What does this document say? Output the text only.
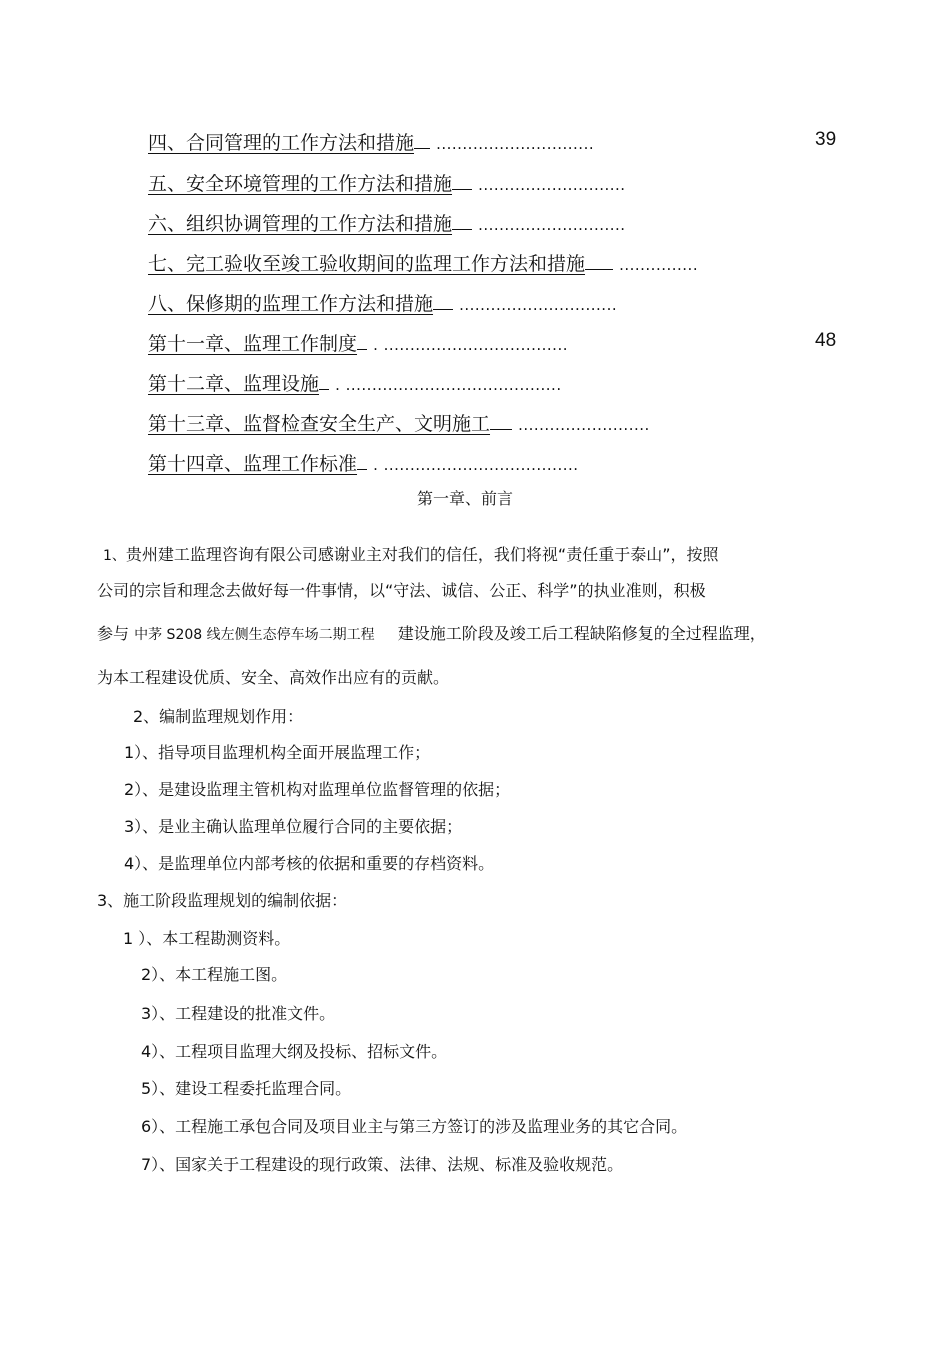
四、合同管理的工作方法和措施 ..............................	39
五、安全环境管理的工作方法和措施 ............................
六、组织协调管理的工作方法和措施 ............................
七、完工验收至竣工验收期间的监理工作方法和措施 ...............
八、保修期的监理工作方法和措施 ..............................
第十一章、监理工作制度 . ...................................	48
第十二章、监理设施 . .........................................
第十三章、监督检查安全生产、文明施工 .........................
第十四章、监理工作标准 . .....................................
第一章、前言
1、贵州建工监理咨询有限公司感谢业主对我们的信任，我们将视“责任重于泰山”，按照
公司的宗旨和理念去做好每一件事情，以“守法、诚信、公正、科学”的执业准则，积极
参与 中茅 S208 线左侧生态停车场二期工程 建设施工阶段及竣工后工程缺陷修复的全过程监理，
为本工程建设优质、安全、高效作出应有的贡献。
2、编制监理规划作用：
1）、指导项目监理机构全面开展监理工作；
2）、是建设监理主管机构对监理单位监督管理的依据；
3）、是业主确认监理单位履行合同的主要依据；
4）、是监理单位内部考核的依据和重要的存档资料。
3、施工阶段监理规划的编制依据：
1 ）、本工程勘测资料。
2）、本工程施工图。
3）、工程建设的批准文件。
4）、工程项目监理大纲及投标、招标文件。
5）、建设工程委托监理合同。
6）、工程施工承包合同及项目业主与第三方签订的涉及监理业务的其它合同。
7）、国家关于工程建设的现行政策、法律、法规、标准及验收规范。
